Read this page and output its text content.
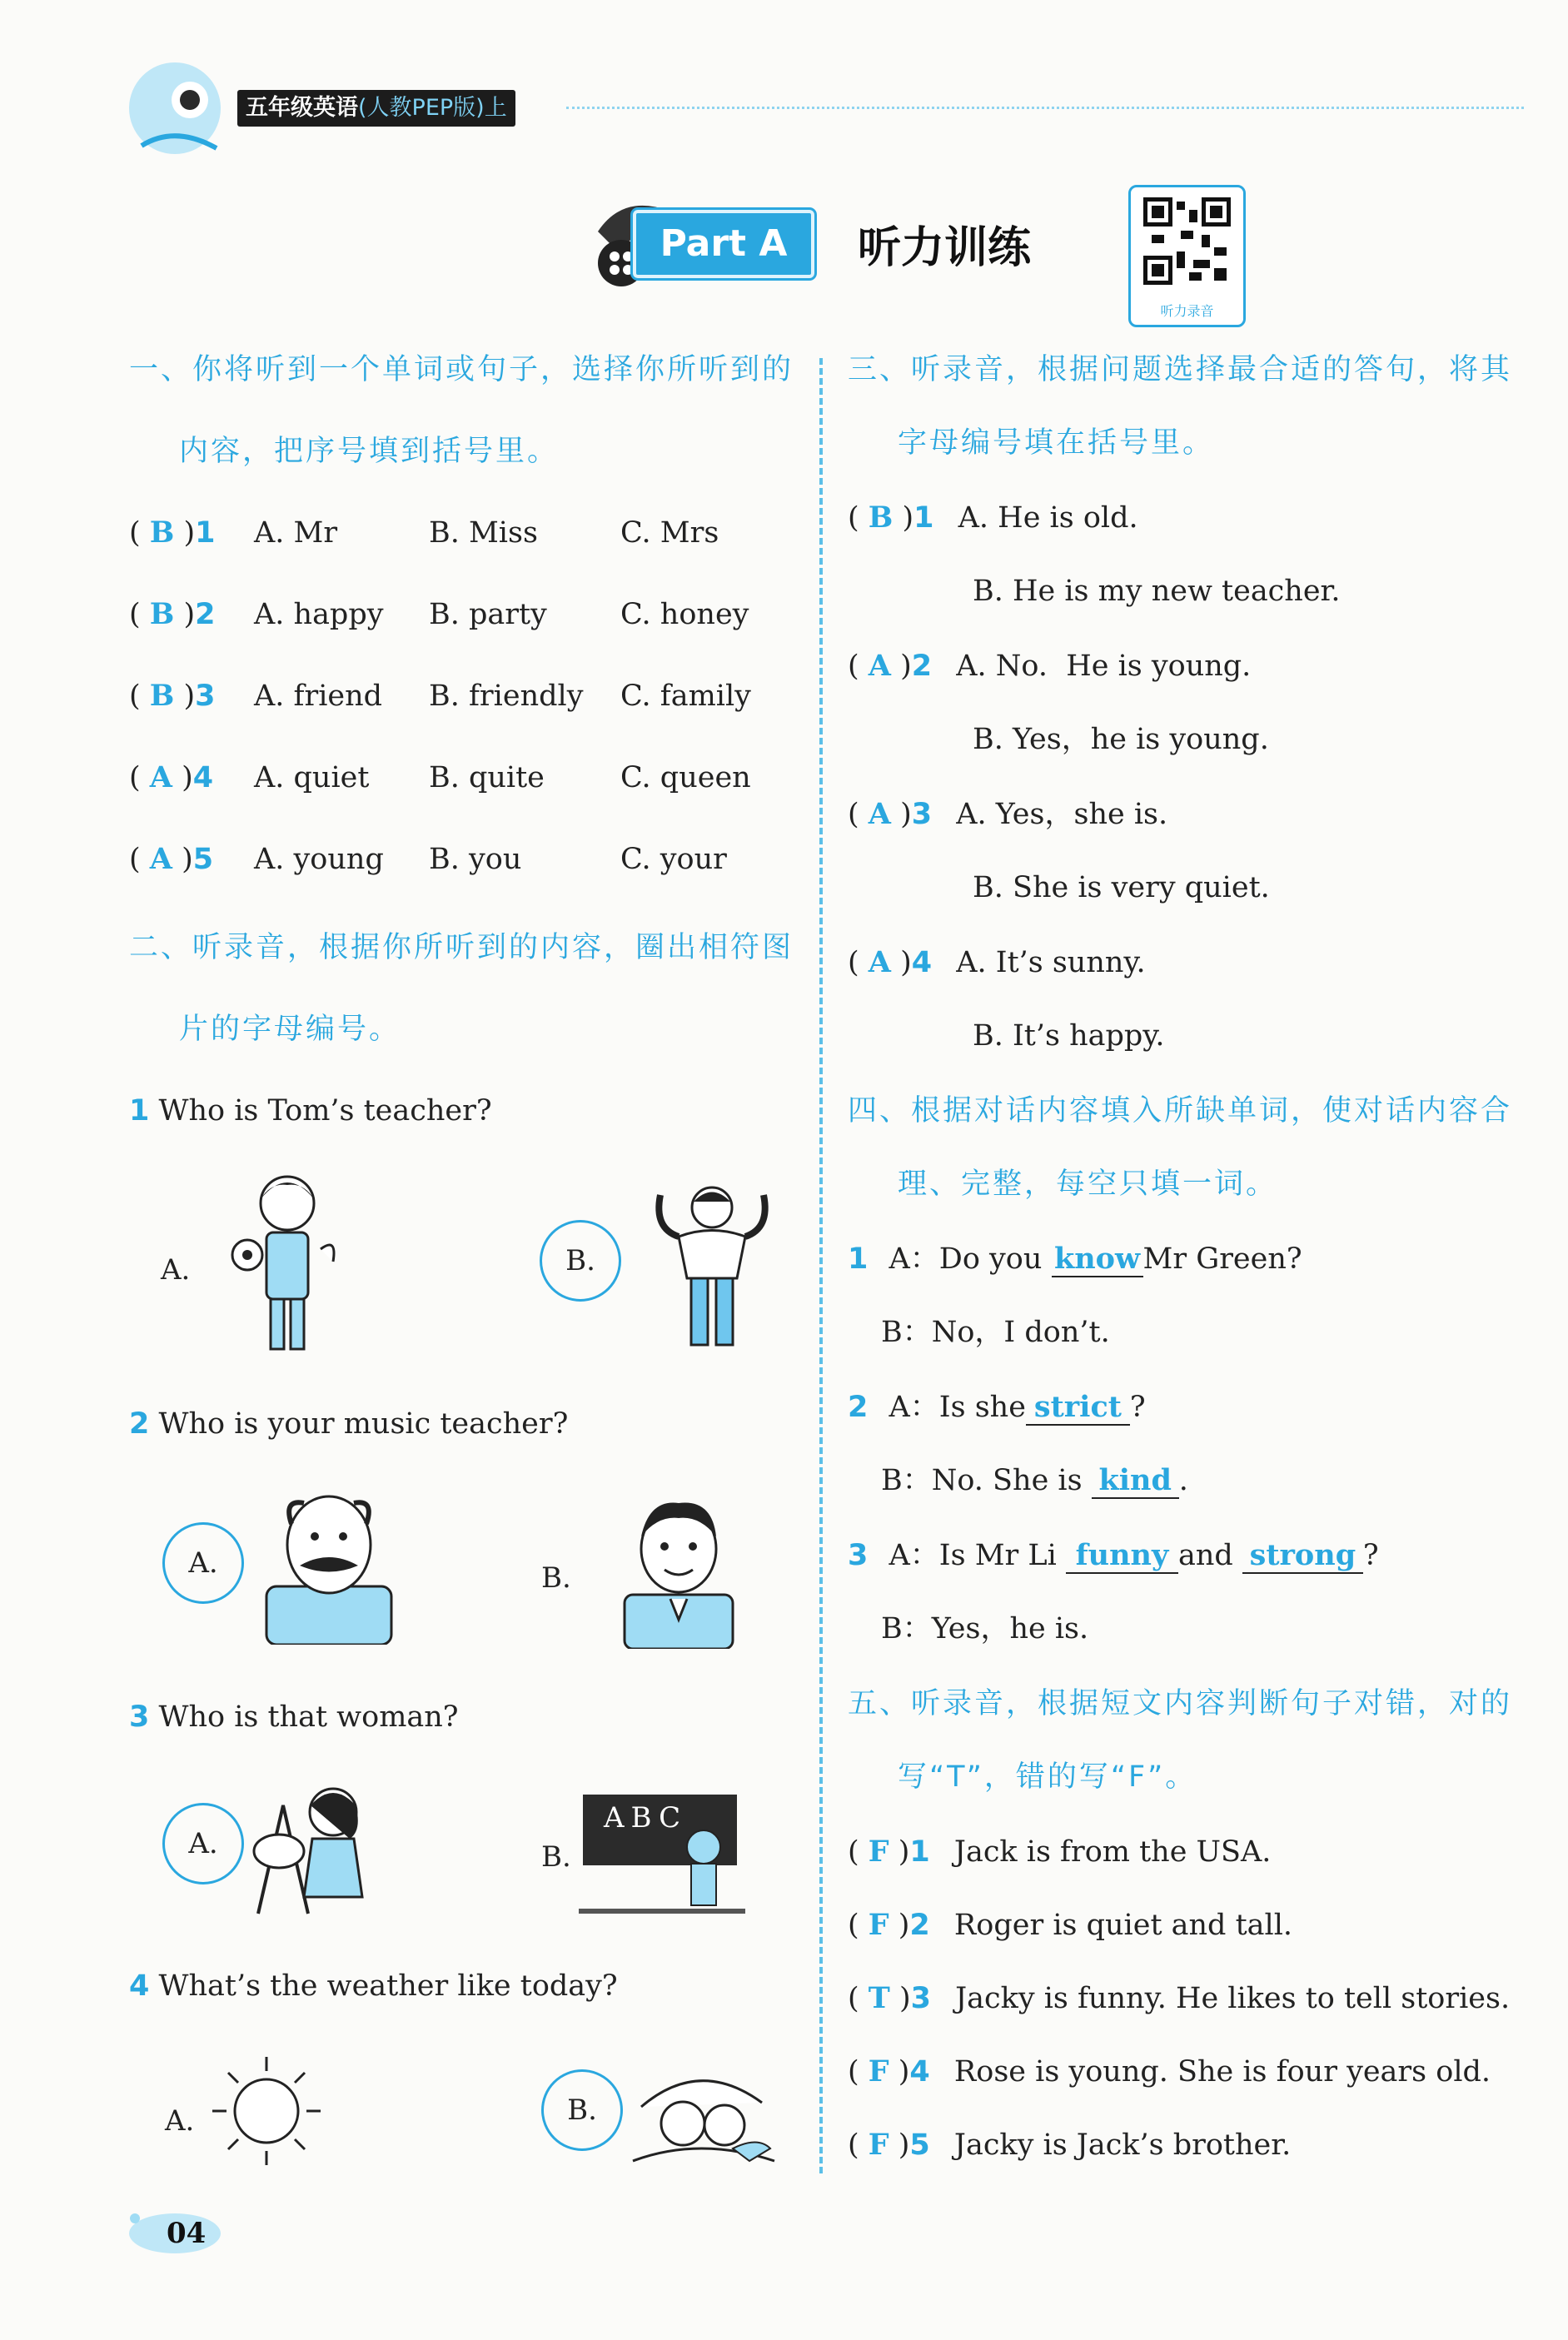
五年级英语(人教PEP版)上
Part A	听力训练
听力录音
一、你将听到一个单词或句子，选择你所听到的
内容，把序号填到括号里。
( B )1 A. Mr	B. Miss	C. Mrs
( B )2 A. happy B. party	C. honey
( B )3 A. friend B. friendly C. family
( A )4 A. quiet B. quite	C. queen
( A )5 A. young B. you	C. your
二、听录音，根据你所听到的内容，圈出相符图
片的字母编号。
1 Who is Tom’s teacher?
A.	B.
2 Who is your music teacher?
A.	B.
3 Who is that woman?
A.	B.
ABC
4 What’s the weather like today?
A.	B.
三、听录音，根据问题选择最合适的答句，将其
字母编号填在括号里。
( B )1 A. He is old.
B. He is my new teacher.
( A )2 A. No.  He is young.
B. Yes，he is young.
( A )3 A. Yes，she is.
B. She is very quiet.
( A )4 A. It’s sunny.
B. It’s happy.
四、根据对话内容填入所缺单词，使对话内容合
理、完整，每空只填一词。
1 A：Do you knowMr Green?
B：No，I don’t.
2 A：Is she strict ?
B：No. She is kind .
3 A：Is Mr Li funny and strong ?
B：Yes，he is.
五、听录音，根据短文内容判断句子对错，对的
写“T”，错的写“F”。
( F )1 Jack is from the USA.
( F )2 Roger is quiet and tall.
( T )3 Jacky is funny. He likes to tell stories.
( F )4 Rose is young. She is four years old.
( F )5 Jacky is Jack’s brother.
04
